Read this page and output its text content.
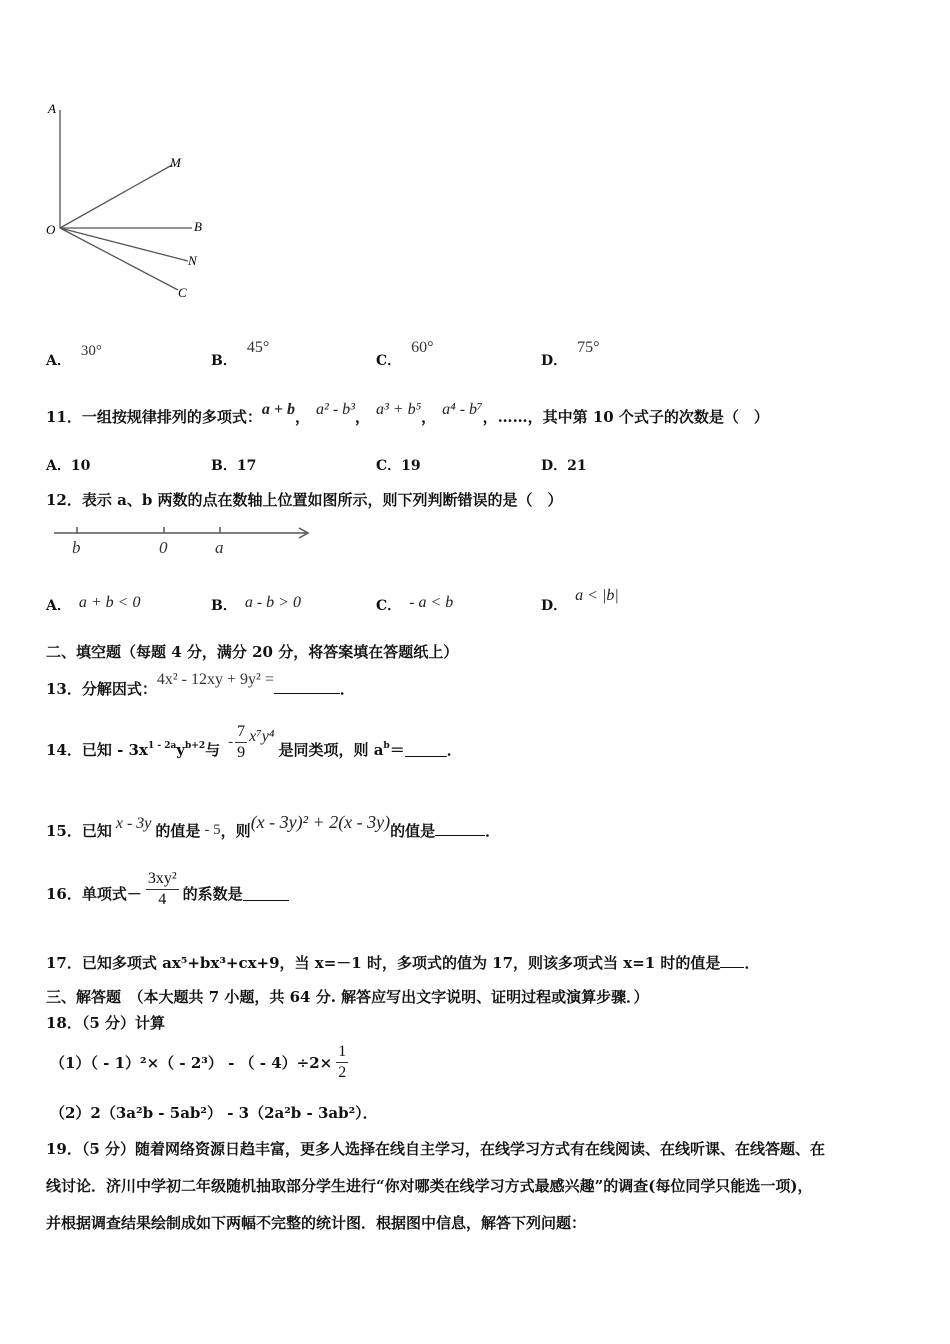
A
M
B
O
N
C
A．30°
B．45°
C．60°
D．75°
11．一组按规律排列的多项式：a + b， a² - b³， a³ + b⁵， a⁴ - b⁷，……，其中第 10 个式子的次数是（　）
A．10	B．17	C．19	D．21
12．表示 a、b 两数的点在数轴上位置如图所示，则下列判断错误的是（　）
b	0	a
A． a + b < 0	B． a - b > 0	C． - a < b	D．a < |b|
二、填空题（每题 4 分，满分 20 分，将答案填在答题纸上）
13．分解因式：4x² - 12xy + 9y² =．
14．已知 - $3x^{1 - 2a}$ $y^{b+2}$ 与 - $\frac{7}{9} x^7y^4$
是同类项，则 $a^b$ ＝	．
15．已知 x - 3y 的值是 - 5，则(x - 3y)² + 2(x - 3y)的值是	．
16．单项式－ $\frac{\text{3xy²}}{4}$ 的系数是
17．已知多项式 ax⁵+bx³+cx+9，当 x=－1 时，多项式的值为 17，则该多项式当 x=1 时的值是 ．
三、解答题　（本大题共 7 小题，共 64 分. 解答应写出文字说明、证明过程或演算步骤．）
18．（5 分）计算
（1）（ - 1）²×（ - 2³） - （ - $4)\div 2\times \frac{1}{2}$
（2）2（3a²b - 5ab²） - 3（2a²b - 3ab²）．
19．（5 分）随着网络资源日趋丰富，更多人选择在线自主学习，在线学习方式有在线阅读、在线听课、在线答题、在
线讨论．济川中学初二年级随机抽取部分学生进行“你对哪类在线学习方式最感兴趣”的调查(每位同学只能选一项)，
并根据调查结果绘制成如下两幅不完整的统计图．根据图中信息，解答下列问题：
